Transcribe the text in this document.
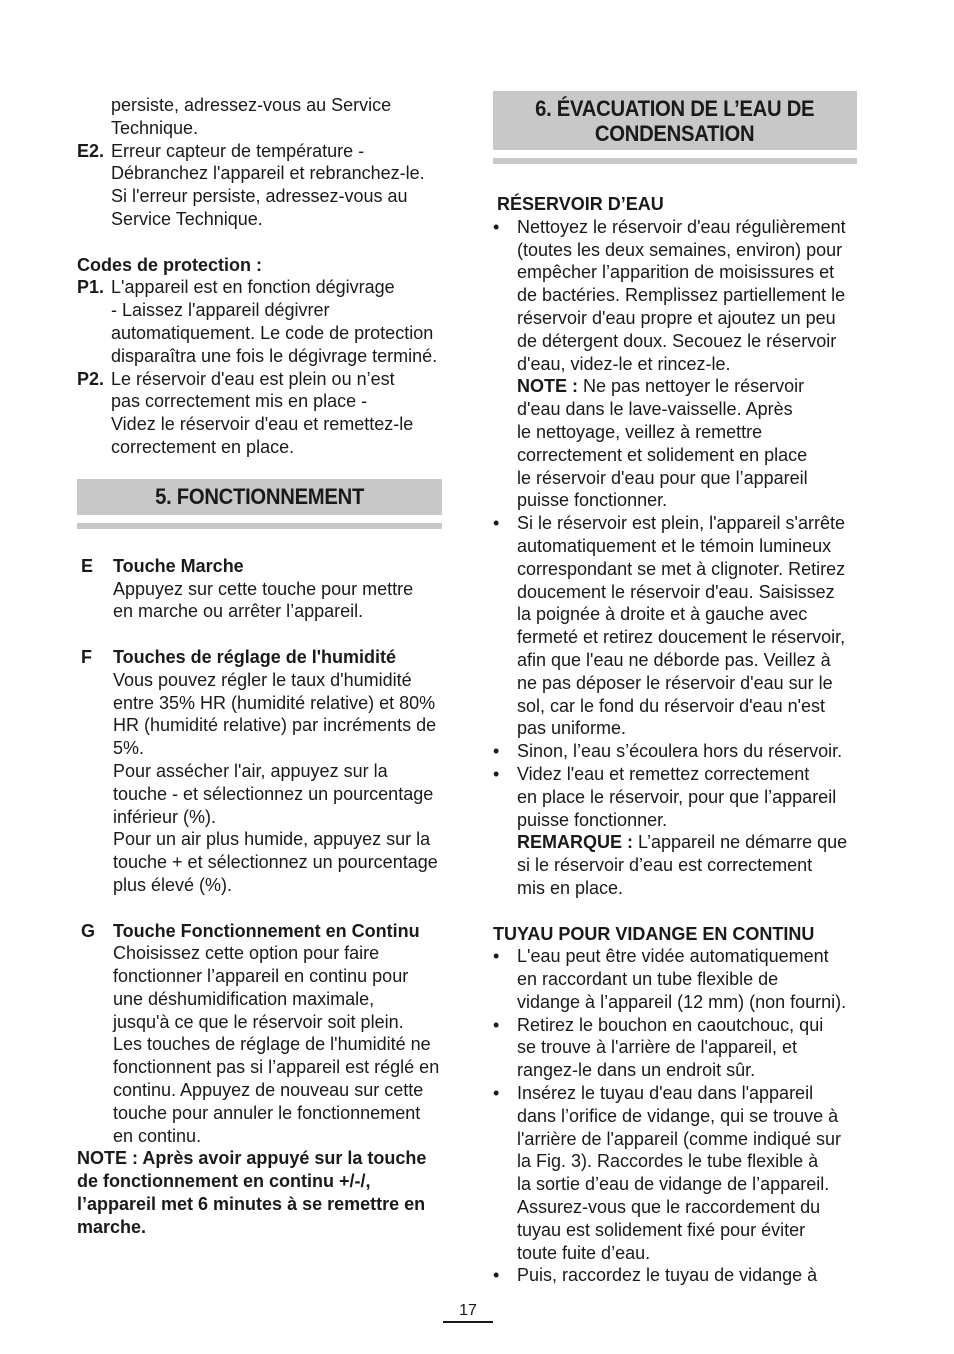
persiste, adressez-vous au Service
Technique.
E2. Erreur capteur de température -
Débranchez l'appareil et rebranchez-le.
Si l'erreur persiste, adressez-vous au
Service Technique.
Codes de protection :
P1. L'appareil est en fonction dégivrage
- Laissez l'appareil dégivrer
automatiquement. Le code de protection
disparaîtra une fois le dégivrage terminé.
P2. Le réservoir d'eau est plein ou n’est
pas correctement mis en place -
Videz le réservoir d'eau et remettez-le
correctement en place.
5. FONCTIONNEMENT
E	Touche Marche
Appuyez sur cette touche pour mettre
en marche ou arrêter l’appareil.
F	Touches de réglage de l'humidité
Vous pouvez régler le taux d'humidité
entre 35% HR (humidité relative) et 80%
HR (humidité relative) par incréments de
5%.
Pour assécher l'air, appuyez sur la
touche - et sélectionnez un pourcentage
inférieur (%).
Pour un air plus humide, appuyez sur la
touche + et sélectionnez un pourcentage
plus élevé (%).
G Touche Fonctionnement en Continu
Choisissez cette option pour faire
fonctionner l’appareil en continu pour
une déshumidification maximale,
jusqu'à ce que le réservoir soit plein.
Les touches de réglage de l'humidité ne
fonctionnent pas si l’appareil est réglé en
continu. Appuyez de nouveau sur cette
touche pour annuler le fonctionnement
en continu.
NOTE : Après avoir appuyé sur la touche
de fonctionnement en continu +/-/,
l’appareil met 6 minutes à se remettre en
marche.
6. ÉVACUATION DE L’EAU DE
CONDENSATION
RÉSERVOIR D’EAU
• Nettoyez le réservoir d'eau régulièrement
(toutes les deux semaines, environ) pour
empêcher l’apparition de moisissures et
de bactéries. Remplissez partiellement le
réservoir d'eau propre et ajoutez un peu
de détergent doux. Secouez le réservoir
d'eau, videz-le et rincez-le.
NOTE : Ne pas nettoyer le réservoir
d'eau dans le lave-vaisselle. Après
le nettoyage, veillez à remettre
correctement et solidement en place
le réservoir d'eau pour que l’appareil
puisse fonctionner.
• Si le réservoir est plein, l'appareil s'arrête
automatiquement et le témoin lumineux
correspondant se met à clignoter. Retirez
doucement le réservoir d'eau. Saisissez
la poignée à droite et à gauche avec
fermeté et retirez doucement le réservoir,
afin que l'eau ne déborde pas. Veillez à
ne pas déposer le réservoir d'eau sur le
sol, car le fond du réservoir d'eau n'est
pas uniforme.
• Sinon, l’eau s’écoulera hors du réservoir.
• Videz l'eau et remettez correctement
en place le réservoir, pour que l’appareil
puisse fonctionner.
REMARQUE : L’appareil ne démarre que
si le réservoir d’eau est correctement
mis en place.
TUYAU POUR VIDANGE EN CONTINU
• L'eau peut être vidée automatiquement
en raccordant un tube flexible de
vidange à l’appareil (12 mm) (non fourni).
• Retirez le bouchon en caoutchouc, qui
se trouve à l'arrière de l'appareil, et
rangez-le dans un endroit sûr.
• Insérez le tuyau d'eau dans l'appareil
dans l’orifice de vidange, qui se trouve à
l'arrière de l'appareil (comme indiqué sur
la Fig. 3). Raccordes le tube flexible à
la sortie d’eau de vidange de l’appareil.
Assurez-vous que le raccordement du
tuyau est solidement fixé pour éviter
toute fuite d’eau.
• Puis, raccordez le tuyau de vidange à
17
